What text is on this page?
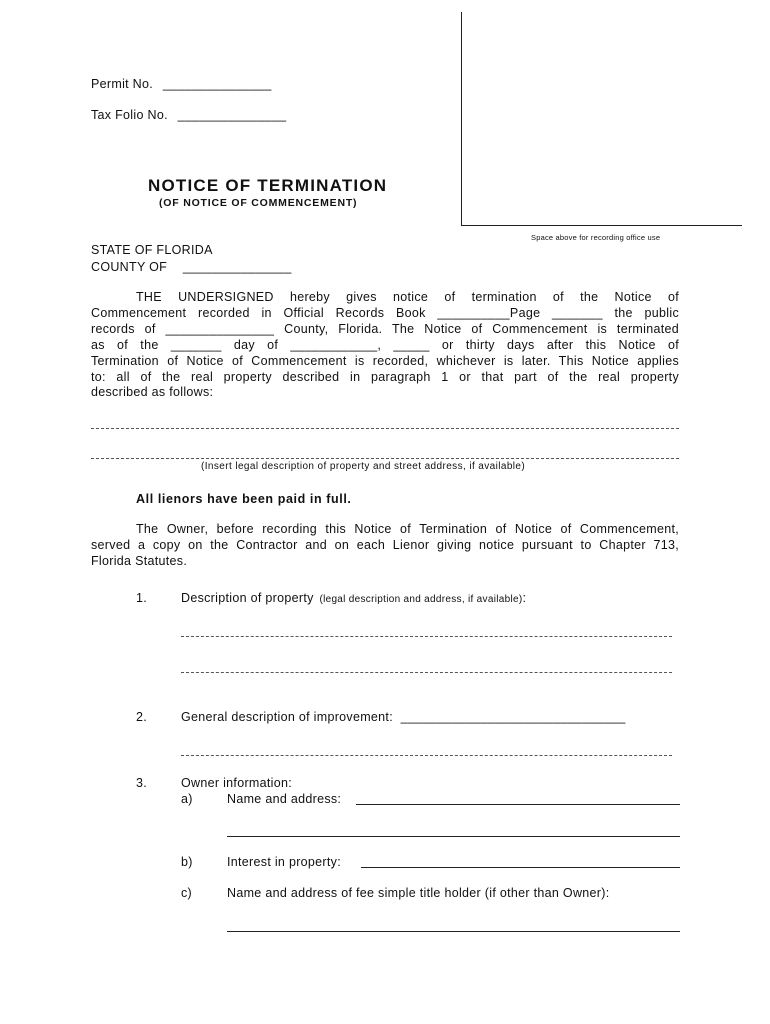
Permit No. _______________
Tax Folio No. _______________
Space above for recording office use
NOTICE OF TERMINATION
(OF NOTICE OF COMMENCEMENT)
STATE OF FLORIDA
COUNTY OF _______________
THE UNDERSIGNED hereby gives notice of termination of the Notice of
Commencement recorded in Official Records Book __________Page _______ the public
records of _______________ County, Florida. The Notice of Commencement is terminated
as of the _______ day of ____________, _____ or thirty days after this Notice of
Termination of Notice of Commencement is recorded, whichever is later. This Notice applies
to: all of the real property described in paragraph 1 or that part of the real property
described as follows:
(Insert legal description of property and street address, if available)
All lienors have been paid in full.
The Owner, before recording this Notice of Termination of Notice of Commencement,
served a copy on the Contractor and on each Lienor giving notice pursuant to Chapter 713,
Florida Statutes.
1.	Description of property (legal description and address, if available):
2.	General description of improvement: _______________________________
3.	Owner information:
a)	Name and address:
b)	Interest in property:
c)	Name and address of fee simple title holder (if other than Owner):
